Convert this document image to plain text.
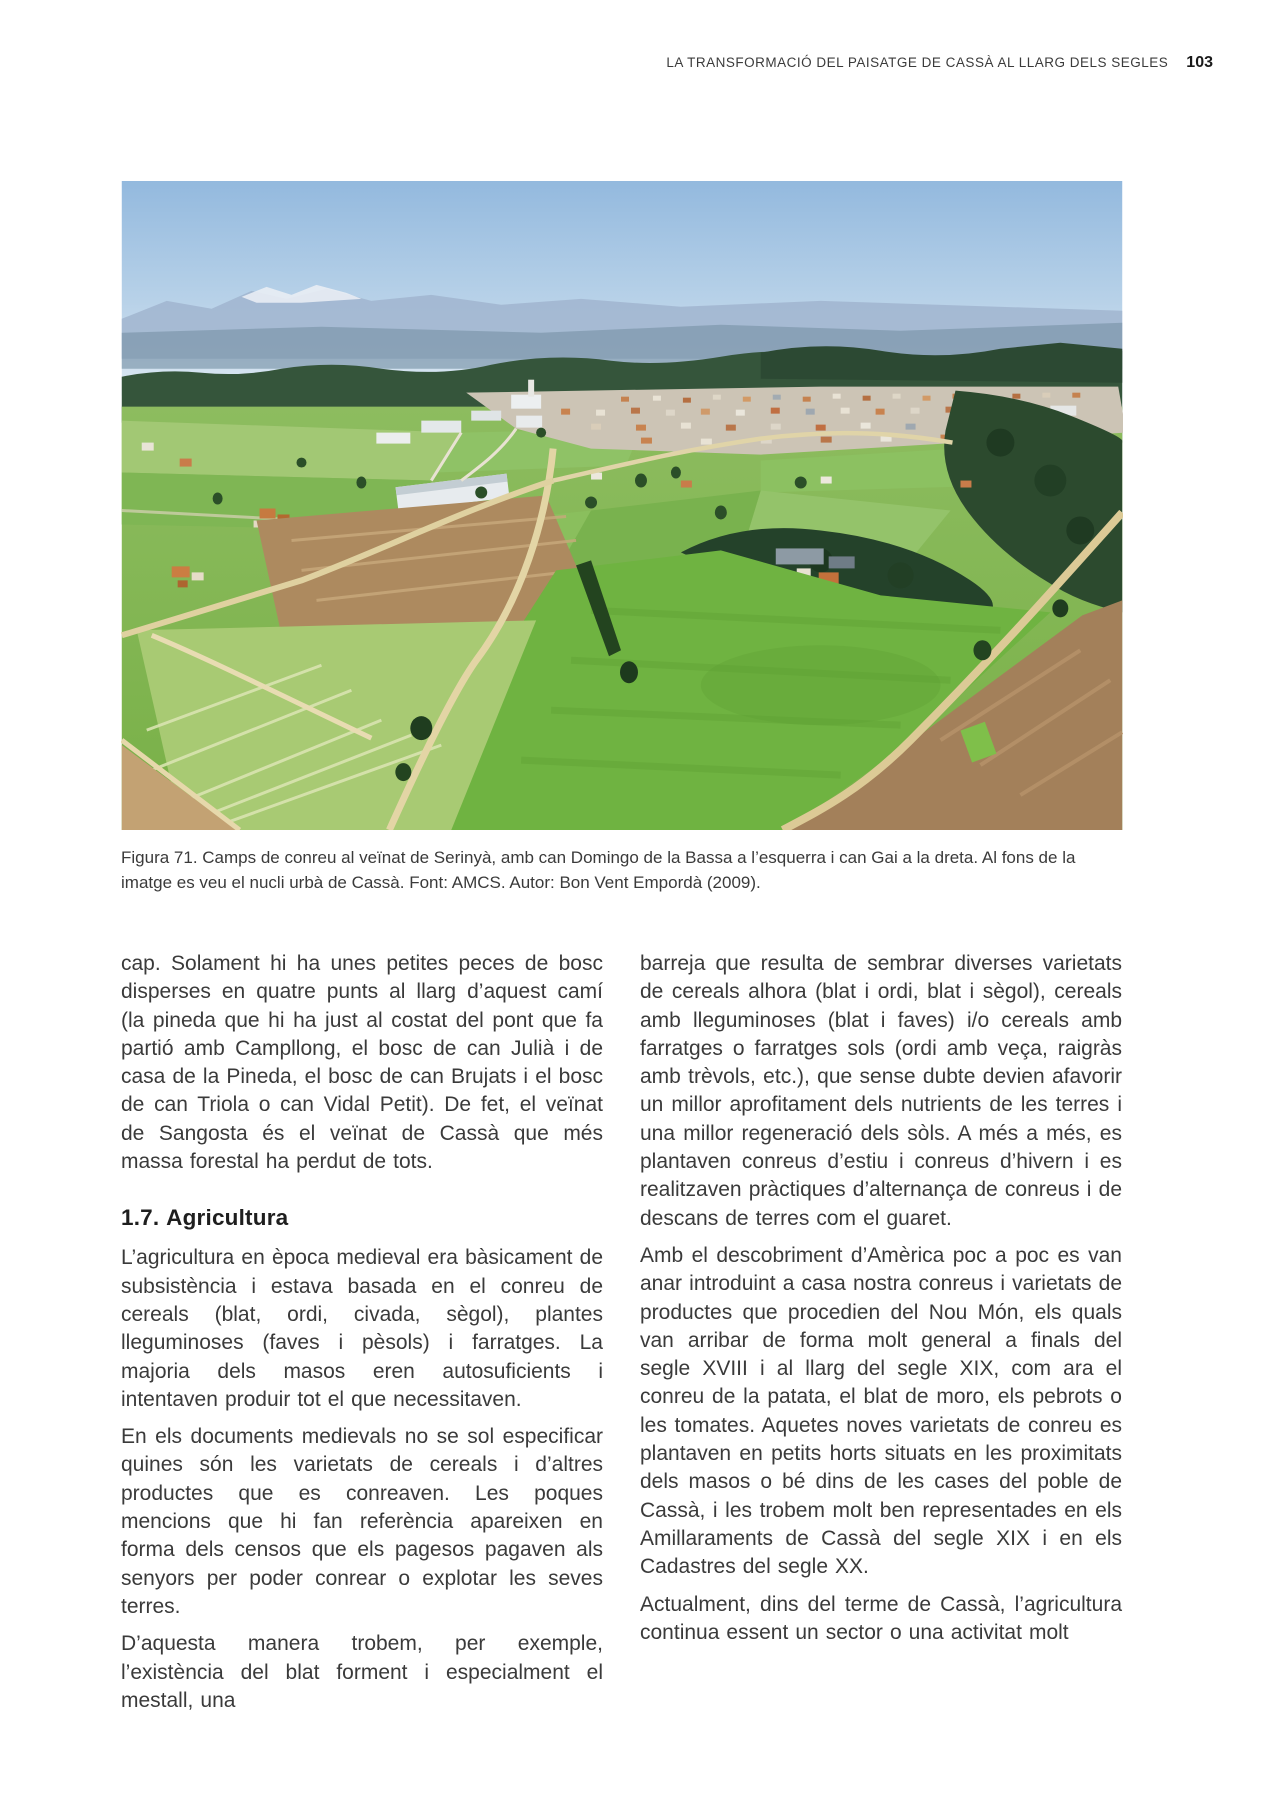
LA TRANSFORMACIÓ DEL PAISATGE DE CASSÀ AL LLARG DELS SEGLES 103
Figura 71. Camps de conreu al veïnat de Serinyà, amb can Domingo de la Bassa a l’esquerra i can Gai a la dreta. Al fons de la imatge es veu el nucli urbà de Cassà. Font: AMCS. Autor: Bon Vent Empordà (2009).

cap. Solament hi ha unes petites peces de bosc disperses en quatre punts al llarg d’aquest camí (la pineda que hi ha just al costat del pont que fa partió amb Campllong, el bosc de can Julià i de casa de la Pineda, el bosc de can Brujats i el bosc de can Triola o can Vidal Petit). De fet, el veïnat de Sangosta és el veïnat de Cassà que més massa forestal ha perdut de tots.

1.7. Agricultura

L’agricultura en època medieval era bàsicament de subsistència i estava basada en el conreu de cereals (blat, ordi, civada, sègol), plantes lleguminoses (faves i pèsols) i farratges. La majoria dels masos eren autosuficients i intentaven produir tot el que necessitaven.

En els documents medievals no se sol especificar quines són les varietats de cereals i d’altres productes que es conreaven. Les poques mencions que hi fan referència apareixen en forma dels censos que els pagesos pagaven als senyors per poder conrear o explotar les seves terres.

D’aquesta manera trobem, per exemple, l’existència del blat forment i especialment el mestall, una

barreja que resulta de sembrar diverses varietats de cereals alhora (blat i ordi, blat i sègol), cereals amb lleguminoses (blat i faves) i/o cereals amb farratges o farratges sols (ordi amb veça, raigràs amb trèvols, etc.), que sense dubte devien afavorir un millor aprofitament dels nutrients de les terres i una millor regeneració dels sòls. A més a més, es plantaven conreus d’estiu i conreus d’hivern i es realitzaven pràctiques d’alternança de conreus i de descans de terres com el guaret.

Amb el descobriment d’Amèrica poc a poc es van anar introduint a casa nostra conreus i varietats de productes que procedien del Nou Món, els quals van arribar de forma molt general a finals del segle XVIII i al llarg del segle XIX, com ara el conreu de la patata, el blat de moro, els pebrots o les tomates. Aquetes noves varietats de conreu es plantaven en petits horts situats en les proximitats dels masos o bé dins de les cases del poble de Cassà, i les trobem molt ben representades en els Amillaraments de Cassà del segle XIX i en els Cadastres del segle XX.

Actualment, dins del terme de Cassà, l’agricultura continua essent un sector o una activitat molt
